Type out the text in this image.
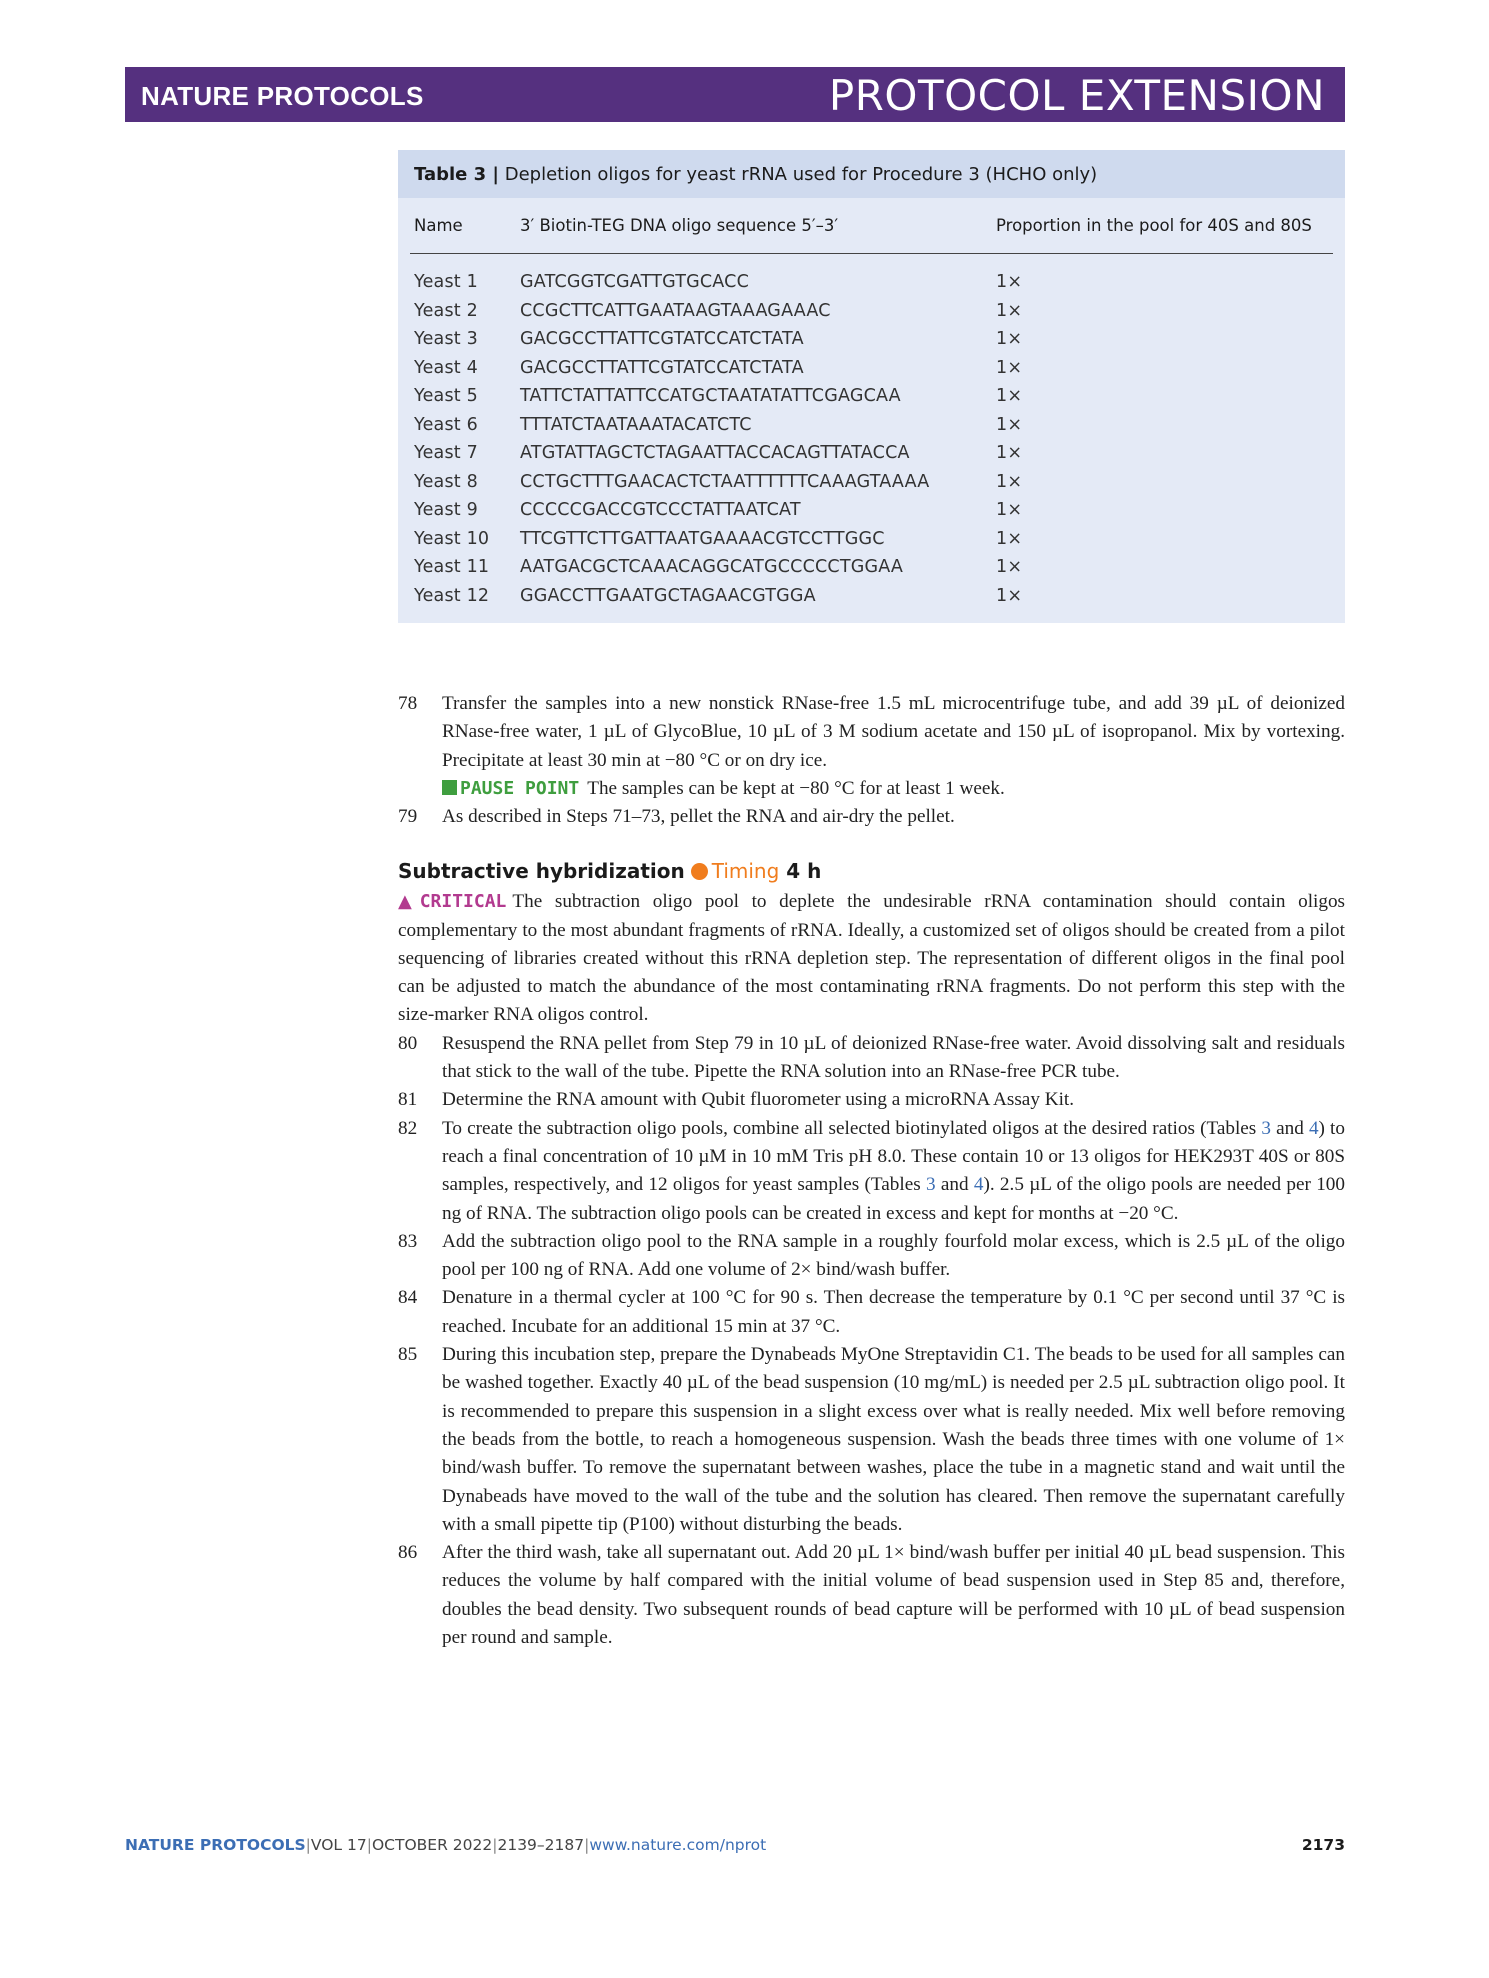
NATURE PROTOCOLS	PROTOCOL EXTENSION
Table 3 | Depletion oligos for yeast rRNA used for Procedure 3 (HCHO only)
Name	3′ Biotin-TEG DNA oligo sequence 5′–3′	Proportion in the pool for 40S and 80S
Yeast 1 GATCGGTCGATTGTGCACC	1×
Yeast 2 CCGCTTCATTGAATAAGTAAAGAAAC	1×
Yeast 3 GACGCCTTATTCGTATCCATCTATA	1×
Yeast 4 GACGCCTTATTCGTATCCATCTATA	1×
Yeast 5 TATTCTATTATTCCATGCTAATATATTCGAGCAA	1×
Yeast 6 TTTATCTAATAAATACATCTC	1×
Yeast 7 ATGTATTAGCTCTAGAATTACCACAGTTATACCA	1×
Yeast 8 CCTGCTTTGAACACTCTAATTTTTTCAAAGTAAAA	1×
Yeast 9 CCCCCGACCGTCCCTATTAATCAT	1×
Yeast 10 TTCGTTCTTGATTAATGAAAACGTCCTTGGC	1×
Yeast 11 AATGACGCTCAAACAGGCATGCCCCCTGGAA	1×
Yeast 12 GGACCTTGAATGCTAGAACGTGGA	1×
78 Transfer the samples into a new nonstick RNase-free 1.5 mL microcentrifuge tube, and add 39 µL of deionized RNase-free water, 1 µL of GlycoBlue, 10 µL of 3 M sodium acetate and 150 µL of isopropanol. Mix by vortexing. Precipitate at least 30 min at −80 °C or on dry ice.
PAUSE POINT The samples can be kept at −80 °C for at least 1 week.
79 As described in Steps 71–73, pellet the RNA and air-dry the pellet.
Subtractive hybridization Timing 4 h
▲CRITICAL The subtraction oligo pool to deplete the undesirable rRNA contamination should contain oligos complementary to the most abundant fragments of rRNA. Ideally, a customized set of oligos should be created from a pilot sequencing of libraries created without this rRNA depletion step. The representation of different oligos in the final pool can be adjusted to match the abundance of the most contaminating rRNA fragments. Do not perform this step with the size-marker RNA oligos control.
80 Resuspend the RNA pellet from Step 79 in 10 µL of deionized RNase-free water. Avoid dissolving salt and residuals that stick to the wall of the tube. Pipette the RNA solution into an RNase-free PCR tube.
81 Determine the RNA amount with Qubit fluorometer using a microRNA Assay Kit.
82 To create the subtraction oligo pools, combine all selected biotinylated oligos at the desired ratios (Tables 3 and 4) to reach a final concentration of 10 µM in 10 mM Tris pH 8.0. These contain 10 or 13 oligos for HEK293T 40S or 80S samples, respectively, and 12 oligos for yeast samples (Tables 3 and 4). 2.5 µL of the oligo pools are needed per 100 ng of RNA. The subtraction oligo pools can be created in excess and kept for months at −20 °C.
83 Add the subtraction oligo pool to the RNA sample in a roughly fourfold molar excess, which is 2.5 µL of the oligo pool per 100 ng of RNA. Add one volume of 2× bind/wash buffer.
84 Denature in a thermal cycler at 100 °C for 90 s. Then decrease the temperature by 0.1 °C per second until 37 °C is reached. Incubate for an additional 15 min at 37 °C.
85 During this incubation step, prepare the Dynabeads MyOne Streptavidin C1. The beads to be used for all samples can be washed together. Exactly 40 µL of the bead suspension (10 mg/mL) is needed per 2.5 µL subtraction oligo pool. It is recommended to prepare this suspension in a slight excess over what is really needed. Mix well before removing the beads from the bottle, to reach a homogeneous suspension. Wash the beads three times with one volume of 1× bind/wash buffer. To remove the supernatant between washes, place the tube in a magnetic stand and wait until the Dynabeads have moved to the wall of the tube and the solution has cleared. Then remove the supernatant carefully with a small pipette tip (P100) without disturbing the beads.
86 After the third wash, take all supernatant out. Add 20 µL 1× bind/wash buffer per initial 40 µL bead suspension. This reduces the volume by half compared with the initial volume of bead suspension used in Step 85 and, therefore, doubles the bead density. Two subsequent rounds of bead capture will be performed with 10 µL of bead suspension per round and sample.
NATURE PROTOCOLS|VOL 17|OCTOBER 2022|2139–2187|www.nature.com/nprot	2173
